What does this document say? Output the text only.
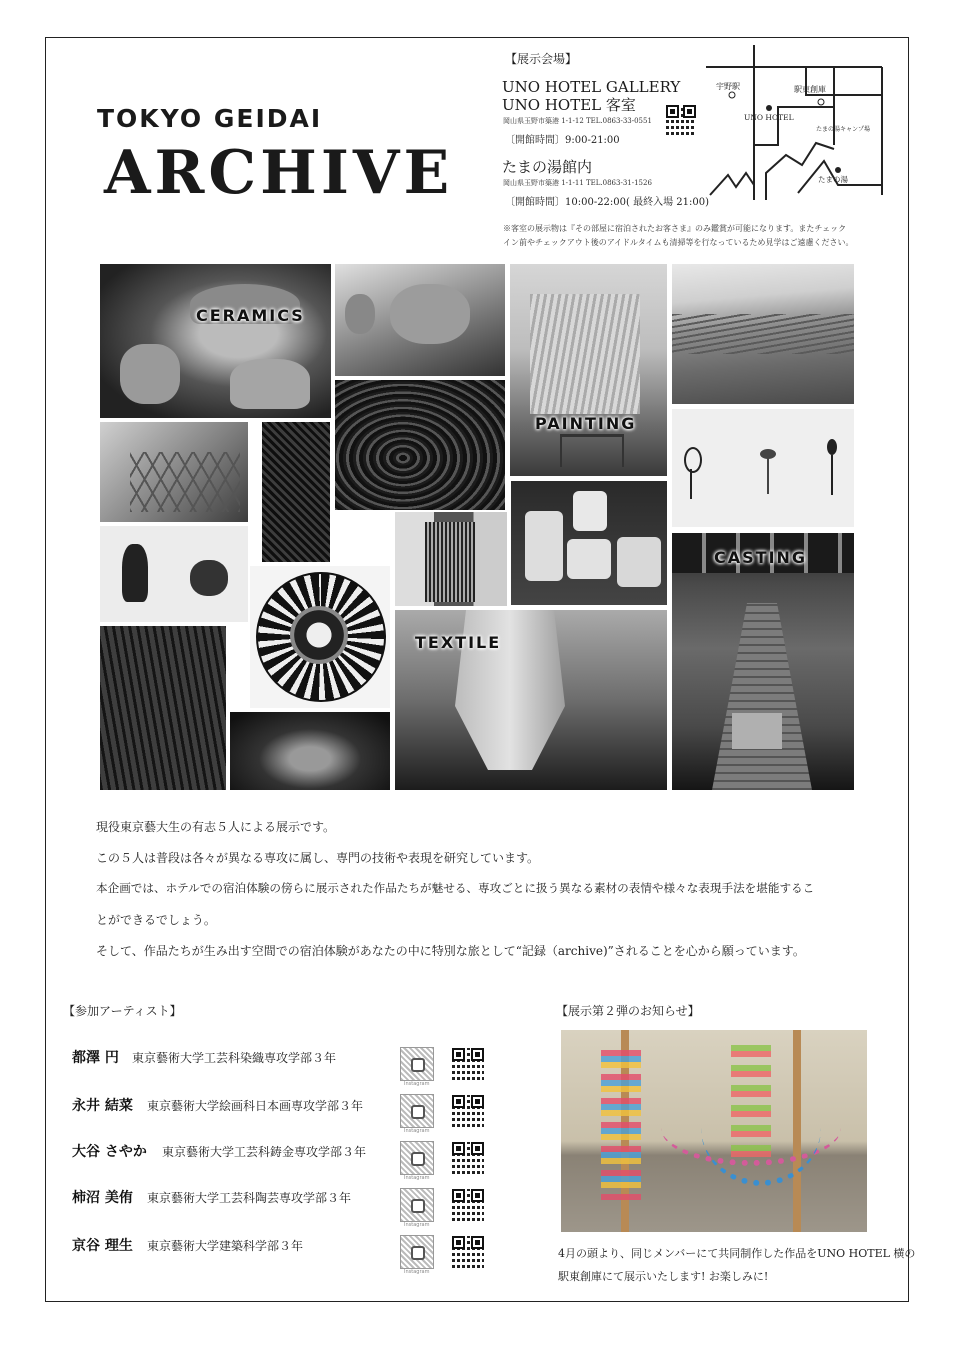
TOKYO GEIDAI
ARCHIVE
【展示会場】
UNO HOTEL GALLERY
UNO HOTEL 客室
岡山県玉野市築港 1-1-12 TEL.0863-33-0551
〔開館時間〕9:00-21:00
たまの湯館内
岡山県玉野市築港 1-1-11 TEL.0863-31-1526
〔開館時間〕10:00-22:00( 最終入場 21:00)
※客室の展示物は『その部屋に宿泊されたお客さま』のみ鑑賞が可能になります。またチェック
イン前やチェックアウト後のアイドルタイムも清掃等を行なっているため見学はご遠慮ください。
宇野駅	駅東創庫
UNO HOTEL
たまの湯キャンプ場
たまの湯
CERAMICS
PAINTING
CASTING
TEXTILE
現役東京藝大生の有志５人による展示です。
この５人は普段は各々が異なる専攻に属し、専門の技術や表現を研究しています。
本企画では、ホテルでの宿泊体験の傍らに展示された作品たちが魅せる、専攻ごとに扱う異なる素材の表情や様々な表現手法を堪能するこ
とができるでしょう。
そして、作品たちが生み出す空間での宿泊体験があなたの中に特別な旅として“記録（archive)”されることを心から願っています。
【参加アーティスト】
都澤 円 東京藝術大学工芸科染織専攻学部３年
永井 結菜 東京藝術大学絵画科日本画専攻学部３年
大谷 さやか 東京藝術大学工芸科鋳金専攻学部３年
柿沼 美侑 東京藝術大学工芸科陶芸専攻学部３年
京谷 理生 東京藝術大学建築科学部３年
Instagram
Instagram
Instagram
Instagram
Instagram
【展示第２弾のお知らせ】
4月の頭より、同じメンバーにて共同制作した作品をUNO HOTEL 横の
駅東創庫にて展示いたします! お楽しみに!
